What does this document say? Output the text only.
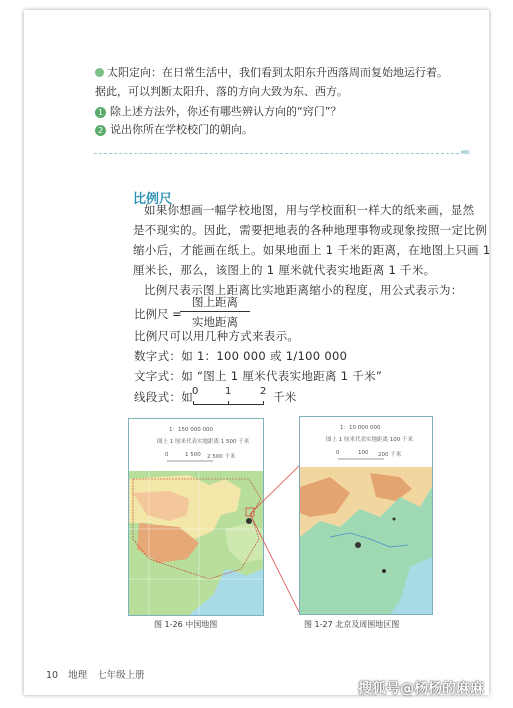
太阳定向：在日常生活中，我们看到太阳东升西落周而复始地运行着。
据此，可以判断太阳升、落的方向大致为东、西方。
1 除上述方法外，你还有哪些辨认方向的“窍门”？
2 说出你所在学校校门的朝向。
««
比例尺
如果你想画一幅学校地图，用与学校面积一样大的纸来画，显然
是不现实的。因此，需要把地表的各种地理事物或现象按照一定比例
缩小后，才能画在纸上。如果地面上 1 千米的距离，在地图上只画 1
厘米长，那么，该图上的 1 厘米就代表实地距离 1 千米。
比例尺表示图上距离比实地距离缩小的程度，用公式表示为：
比例尺 =
图上距离
实地距离
比例尺可以用几种方式来表示。
数字式：如 1：100 000 或 1/100 000
文字式：如 “图上 1 厘米代表实地距离 1 千米”
线段式：如 0	1	2 千米
1：150 000 000
图上 1 厘米代表实地距离 1 500 千米
0	1 500 2 500 千米
图 1-26 中国地图
1：10 000 000
图上 1 厘米代表实地距离 100 千米
0	100 200 千米
图 1-27 北京及周围地区图
10 地理 七年级上册
搜狐号@杨杨的麻麻
